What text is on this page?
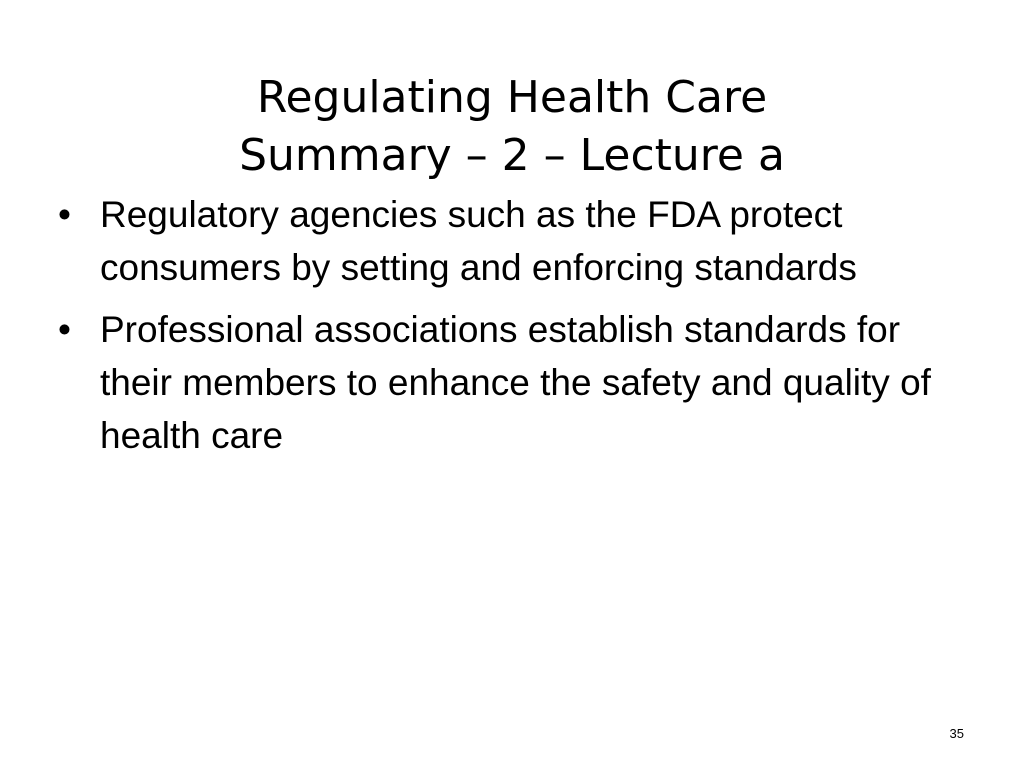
Regulating Health Care
Summary – 2 – Lecture a
• Regulatory agencies such as the FDA protect consumers by setting and enforcing standards
• Professional associations establish standards for their members to enhance the safety and quality of health care
35
